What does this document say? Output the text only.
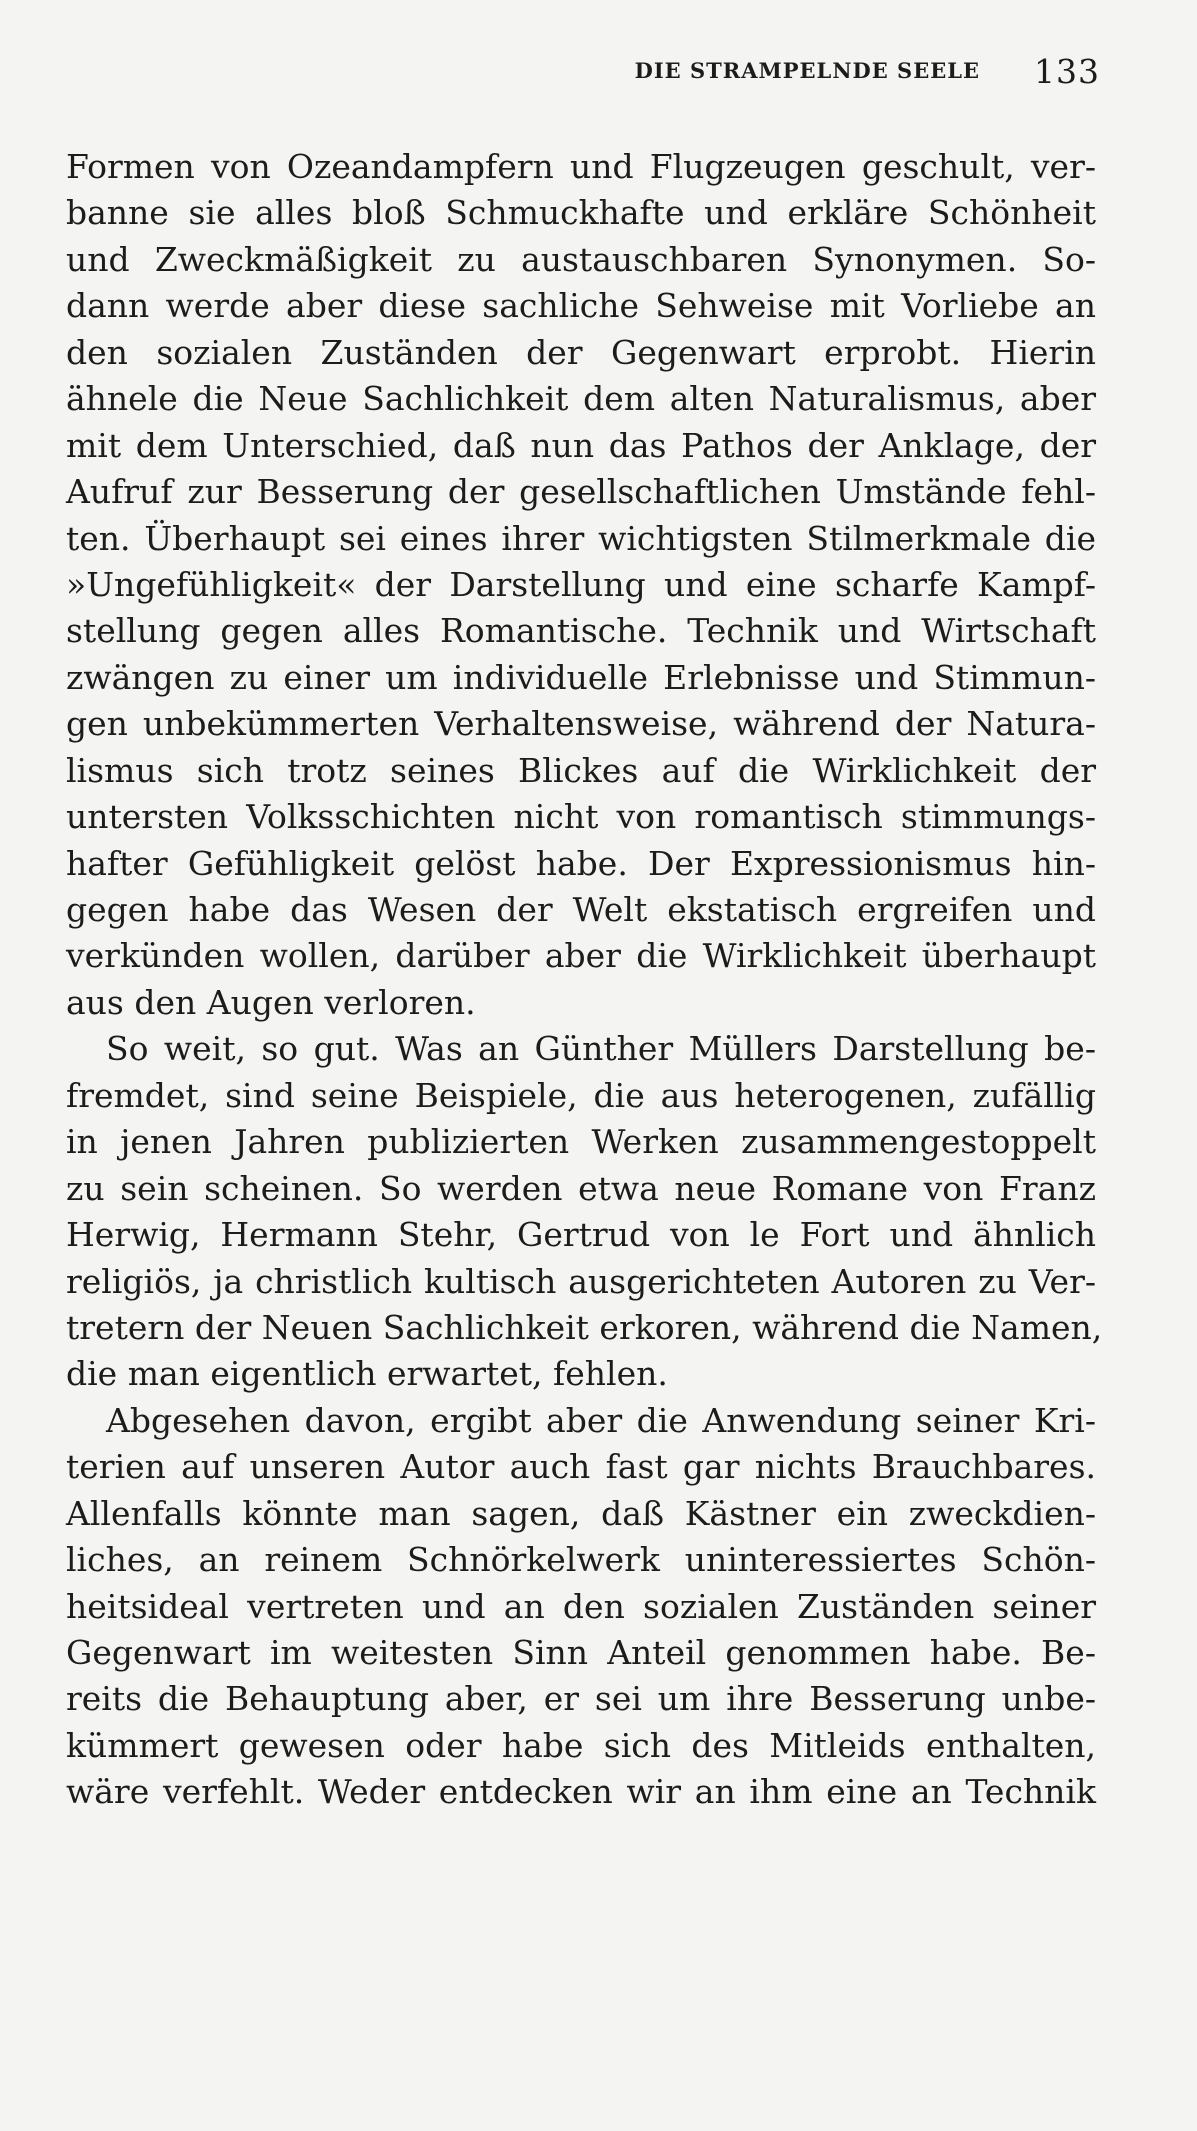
DIE STRAMPELNDE SEELE 133
Formen von Ozeandampfern und Flugzeugen geschult, ver-
banne sie alles bloß Schmuckhafte und erkläre Schönheit
und Zweckmäßigkeit zu austauschbaren Synonymen. So-
dann werde aber diese sachliche Sehweise mit Vorliebe an
den sozialen Zuständen der Gegenwart erprobt. Hierin
ähnele die Neue Sachlichkeit dem alten Naturalismus, aber
mit dem Unterschied, daß nun das Pathos der Anklage, der
Aufruf zur Besserung der gesellschaftlichen Umstände fehl-
ten. Überhaupt sei eines ihrer wichtigsten Stilmerkmale die
»Ungefühligkeit« der Darstellung und eine scharfe Kampf-
stellung gegen alles Romantische. Technik und Wirtschaft
zwängen zu einer um individuelle Erlebnisse und Stimmun-
gen unbekümmerten Verhaltensweise, während der Natura-
lismus sich trotz seines Blickes auf die Wirklichkeit der
untersten Volksschichten nicht von romantisch stimmungs-
hafter Gefühligkeit gelöst habe. Der Expressionismus hin-
gegen habe das Wesen der Welt ekstatisch ergreifen und
verkünden wollen, darüber aber die Wirklichkeit überhaupt
aus den Augen verloren.
So weit, so gut. Was an Günther Müllers Darstellung be-
fremdet, sind seine Beispiele, die aus heterogenen, zufällig
in jenen Jahren publizierten Werken zusammengestoppelt
zu sein scheinen. So werden etwa neue Romane von Franz
Herwig, Hermann Stehr, Gertrud von le Fort und ähnlich
religiös, ja christlich kultisch ausgerichteten Autoren zu Ver-
tretern der Neuen Sachlichkeit erkoren, während die Namen,
die man eigentlich erwartet, fehlen.
Abgesehen davon, ergibt aber die Anwendung seiner Kri-
terien auf unseren Autor auch fast gar nichts Brauchbares.
Allenfalls könnte man sagen, daß Kästner ein zweckdien-
liches, an reinem Schnörkelwerk uninteressiertes Schön-
heitsideal vertreten und an den sozialen Zuständen seiner
Gegenwart im weitesten Sinn Anteil genommen habe. Be-
reits die Behauptung aber, er sei um ihre Besserung unbe-
kümmert gewesen oder habe sich des Mitleids enthalten,
wäre verfehlt. Weder entdecken wir an ihm eine an Technik
